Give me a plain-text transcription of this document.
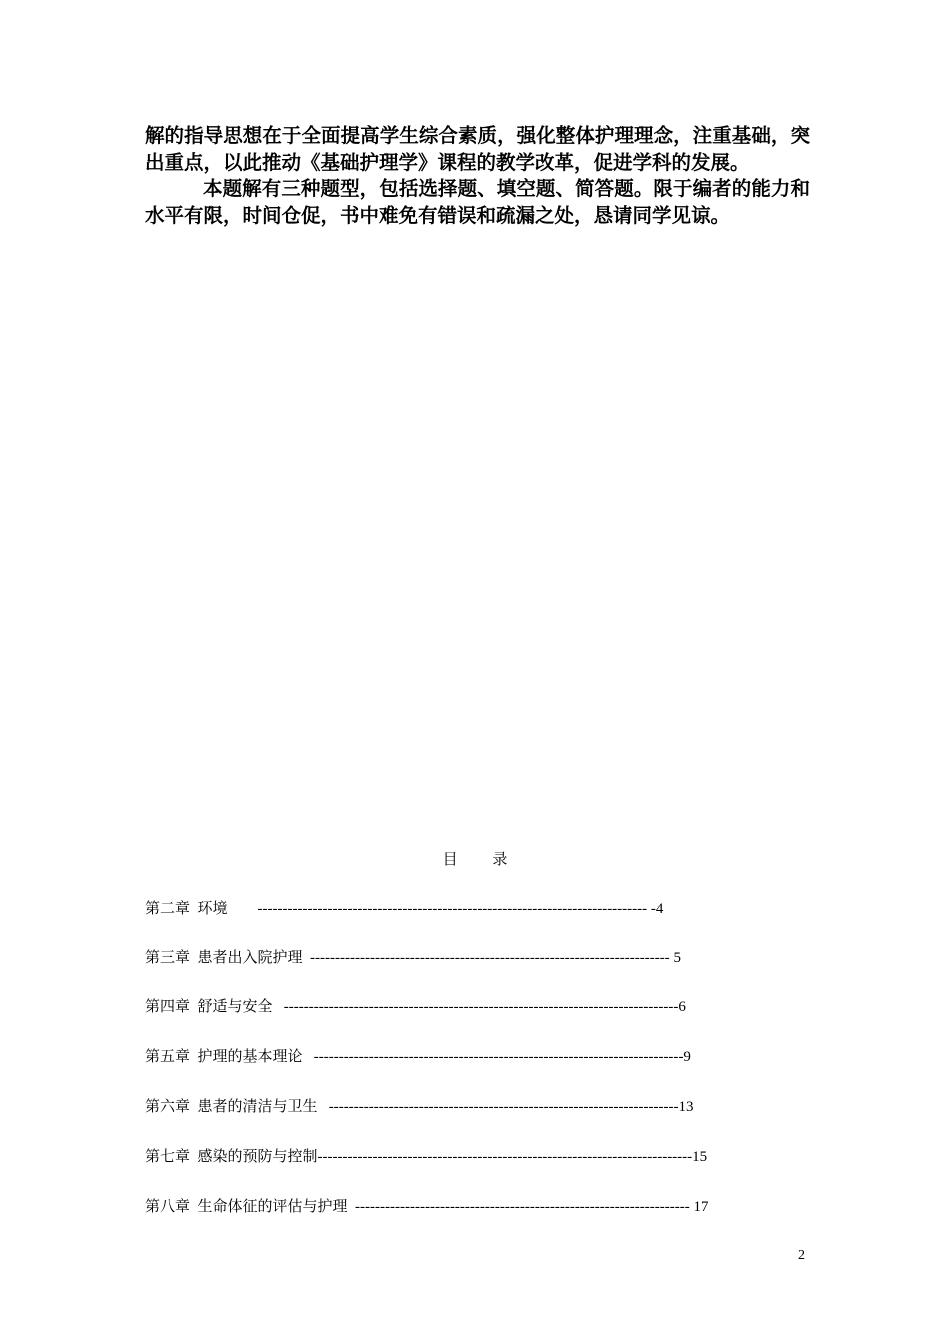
解的指导思想在于全面提高学生综合素质，强化整体护理理念，注重基础，突出重点，以此推动《基础护理学》课程的教学改革，促进学科的发展。

本题解有三种题型，包括选择题、填空题、简答题。限于编者的能力和水平有限，时间仓促，书中难免有错误和疏漏之处，恳请同学见谅。

目 录
第二章 环境        ------------------------------------------------------------------------------ -4
第三章 患者出入院护理  ------------------------------------------------------------------------ 5
第四章 舒适与安全   -------------------------------------------------------------------------------6
第五章 护理的基本理论   --------------------------------------------------------------------------9
第六章 患者的清洁与卫生   ----------------------------------------------------------------------13
第七章 感染的预防与控制---------------------------------------------------------------------------15
第八章 生命体征的评估与护理  ------------------------------------------------------------------- 17
2
